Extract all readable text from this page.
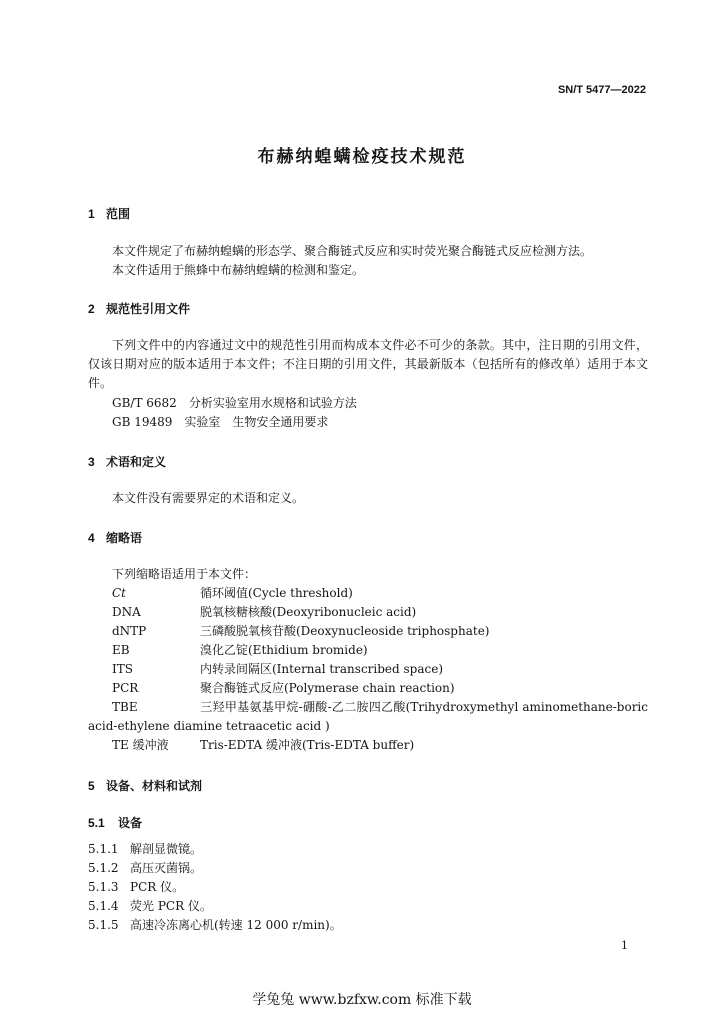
SN/T 5477—2022
布赫纳蝗螨检疫技术规范
1 范围
本文件规定了布赫纳蝗螨的形态学、聚合酶链式反应和实时荧光聚合酶链式反应检测方法。
本文件适用于熊蜂中布赫纳蝗螨的检测和鉴定。
2 规范性引用文件
下列文件中的内容通过文中的规范性引用而构成本文件必不可少的条款。其中，注日期的引用文件，仅该日期对应的版本适用于本文件；不注日期的引用文件，其最新版本（包括所有的修改单）适用于本文件。
GB/T 6682 分析实验室用水规格和试验方法
GB 19489 实验室　生物安全通用要求
3 术语和定义
本文件没有需要界定的术语和定义。
4 缩略语
下列缩略语适用于本文件：
Ct	循环阈值(Cycle threshold)
DNA	脱氧核糖核酸(Deoxyribonucleic acid)
dNTP	三磷酸脱氧核苷酸(Deoxynucleoside triphosphate)
EB	溴化乙锭(Ethidium bromide)
ITS	内转录间隔区(Internal transcribed space)
PCR	聚合酶链式反应(Polymerase chain reaction)
TBE	三羟甲基氨基甲烷-硼酸-乙二胺四乙酸(Trihydroxymethyl aminomethane-boric acid-ethylene diamine tetraacetic acid )
TE 缓冲液	Tris-EDTA 缓冲液(Tris-EDTA buffer)
5 设备、材料和试剂
5.1 设备
5.1.1 解剖显微镜。
5.1.2 高压灭菌锅。
5.1.3 PCR 仪。
5.1.4 荧光 PCR 仪。
5.1.5 高速冷冻离心机(转速 12 000 r/min)。
1
学兔兔 www.bzfxw.com 标准下载
